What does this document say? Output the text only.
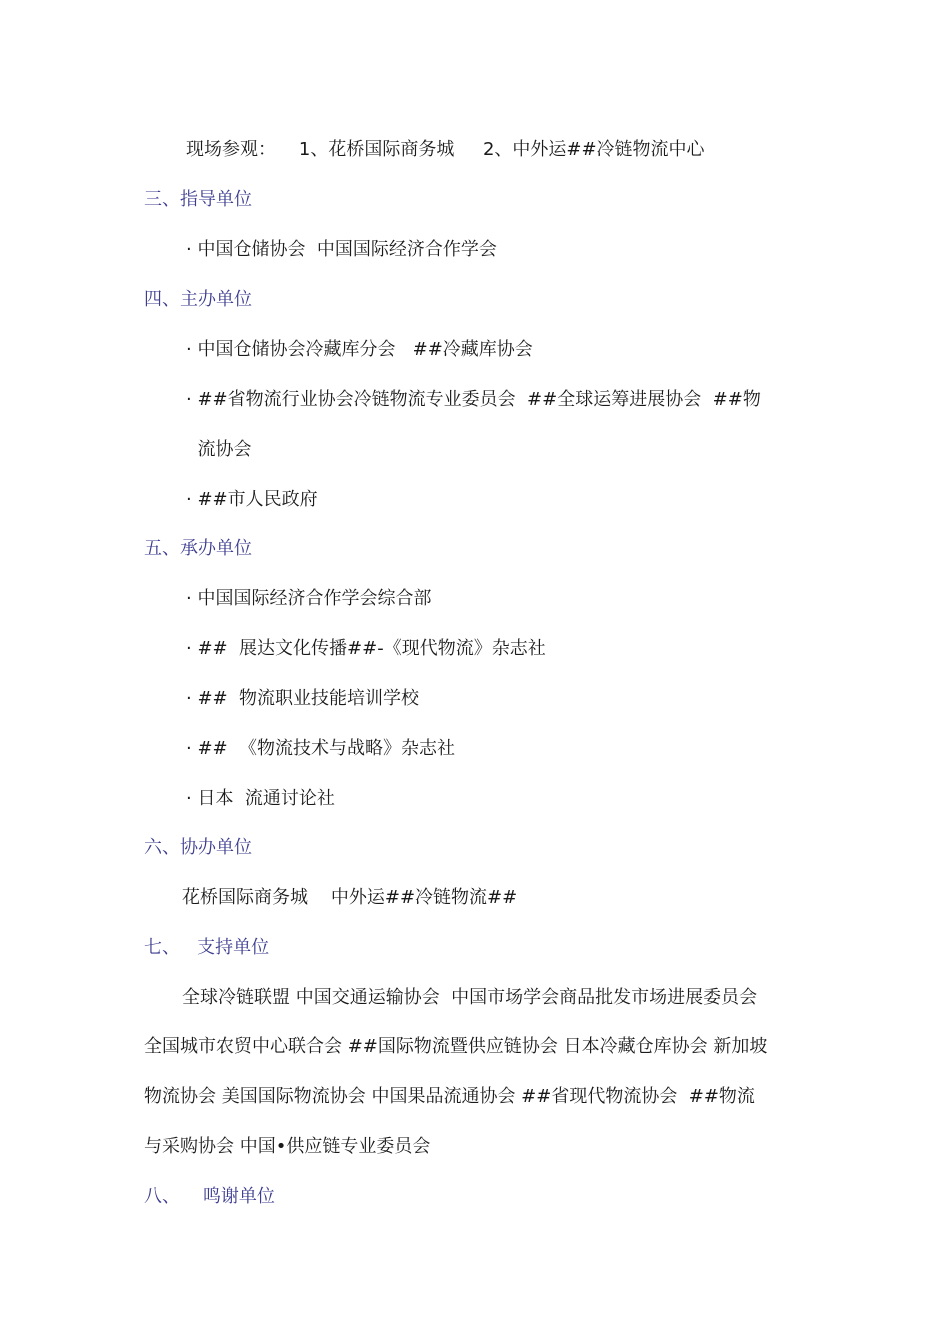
现场参观：    1、花桥国际商务城     2、中外运##冷链物流中心
三、指导单位
· 中国仓储协会  中国国际经济合作学会
四、主办单位
· 中国仓储协会冷藏库分会   ##冷藏库协会
· ##省物流行业协会冷链物流专业委员会  ##全球运筹进展协会  ##物
流协会
· ##市人民政府
五、承办单位
· 中国国际经济合作学会综合部
· ##  展达文化传播##-《现代物流》杂志社
· ##  物流职业技能培训学校
· ##  《物流技术与战略》杂志社
· 日本  流通讨论社
六、协办单位
花桥国际商务城    中外运##冷链物流##
七、   支持单位
全球冷链联盟 中国交通运输协会  中国市场学会商品批发市场进展委员会
全国城市农贸中心联合会 ##国际物流暨供应链协会 日本冷藏仓库协会 新加坡
物流协会 美国国际物流协会 中国果品流通协会 ##省现代物流协会  ##物流
与采购协会 中国•供应链专业委员会
八、    鸣谢单位
